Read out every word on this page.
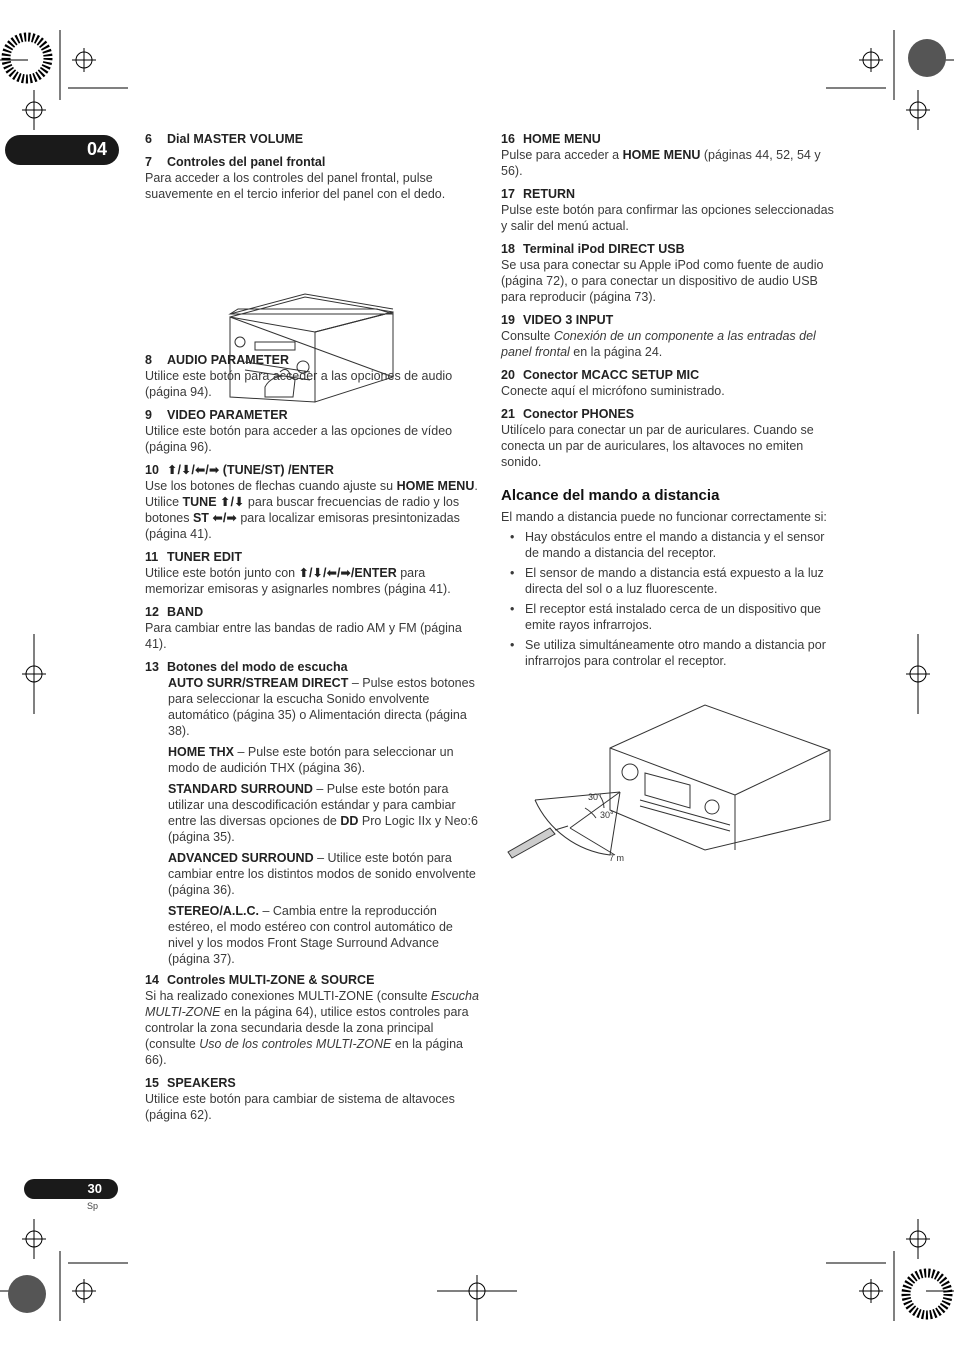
04	6 Dial MASTER VOLUME

7 Controles del panel frontal

Para acceder a los controles del panel frontal, pulse suavemente en el tercio inferior del panel con el dedo.

8 AUDIO PARAMETER

Utilice este botón para acceder a las opciones de audio (página 94).

9 VIDEO PARAMETER

Utilice este botón para acceder a las opciones de vídeo (página 96).

10 ⬆/⬇/⬅/➡ (TUNE/ST) /ENTER

Use los botones de flechas cuando ajuste su HOME MENU. Utilice TUNE ⬆/⬇ para buscar frecuencias de radio y los botones ST ⬅/➡ para localizar emisoras presintonizadas (página 41).

11 TUNER EDIT

Utilice este botón junto con ⬆/⬇/⬅/➡/ENTER para memorizar emisoras y asignarles nombres (página 41).

12 BAND

Para cambiar entre las bandas de radio AM y FM (página 41).

13 Botones del modo de escucha

AUTO SURR/STREAM DIRECT – Pulse estos botones para seleccionar la escucha Sonido envolvente automático (página 35) o Alimentación directa (página 38).

HOME THX – Pulse este botón para seleccionar un modo de audición THX (página 36).

STANDARD SURROUND – Pulse este botón para utilizar una descodificación estándar y para cambiar entre las diversas opciones de DD Pro Logic IIx y Neo:6 (página 35).

ADVANCED SURROUND – Utilice este botón para cambiar entre los distintos modos de sonido envolvente (página 36).

STEREO/A.L.C. – Cambia entre la reproducción estéreo, el modo estéreo con control automático de nivel y los modos Front Stage Surround Advance (página 37).

14 Controles MULTI-ZONE & SOURCE

Si ha realizado conexiones MULTI-ZONE (consulte Escucha MULTI-ZONE en la página 64), utilice estos controles para controlar la zona secundaria desde la zona principal (consulte Uso de los controles MULTI-ZONE en la página 66).

15 SPEAKERS

Utilice este botón para cambiar de sistema de altavoces (página 62).

16 HOME MENU

Pulse para acceder a HOME MENU (páginas 44, 52, 54 y 56).

17 RETURN

Pulse este botón para confirmar las opciones seleccionadas y salir del menú actual.

18 Terminal iPod DIRECT USB

Se usa para conectar su Apple iPod como fuente de audio (página 72), o para conectar un dispositivo de audio USB para reproducir (página 73).

19 VIDEO 3 INPUT

Consulte Conexión de un componente a las entradas del panel frontal en la página 24.

20 Conector MCACC SETUP MIC

Conecte aquí el micrófono suministrado.

21 Conector PHONES

Utilícelo para conectar un par de auriculares. Cuando se conecta un par de auriculares, los altavoces no emiten sonido.

Alcance del mando a distancia

El mando a distancia puede no funcionar correctamente si:

• Hay obstáculos entre el mando a distancia y el sensor de mando a distancia del receptor.
• El sensor de mando a distancia está expuesto a la luz directa del sol o a luz fluorescente.
• El receptor está instalado cerca de un dispositivo que emite rayos infrarrojos.
• Se utiliza simultáneamente otro mando a distancia por infrarrojos para controlar el receptor.
30°
30°
7 m
30
Sp
